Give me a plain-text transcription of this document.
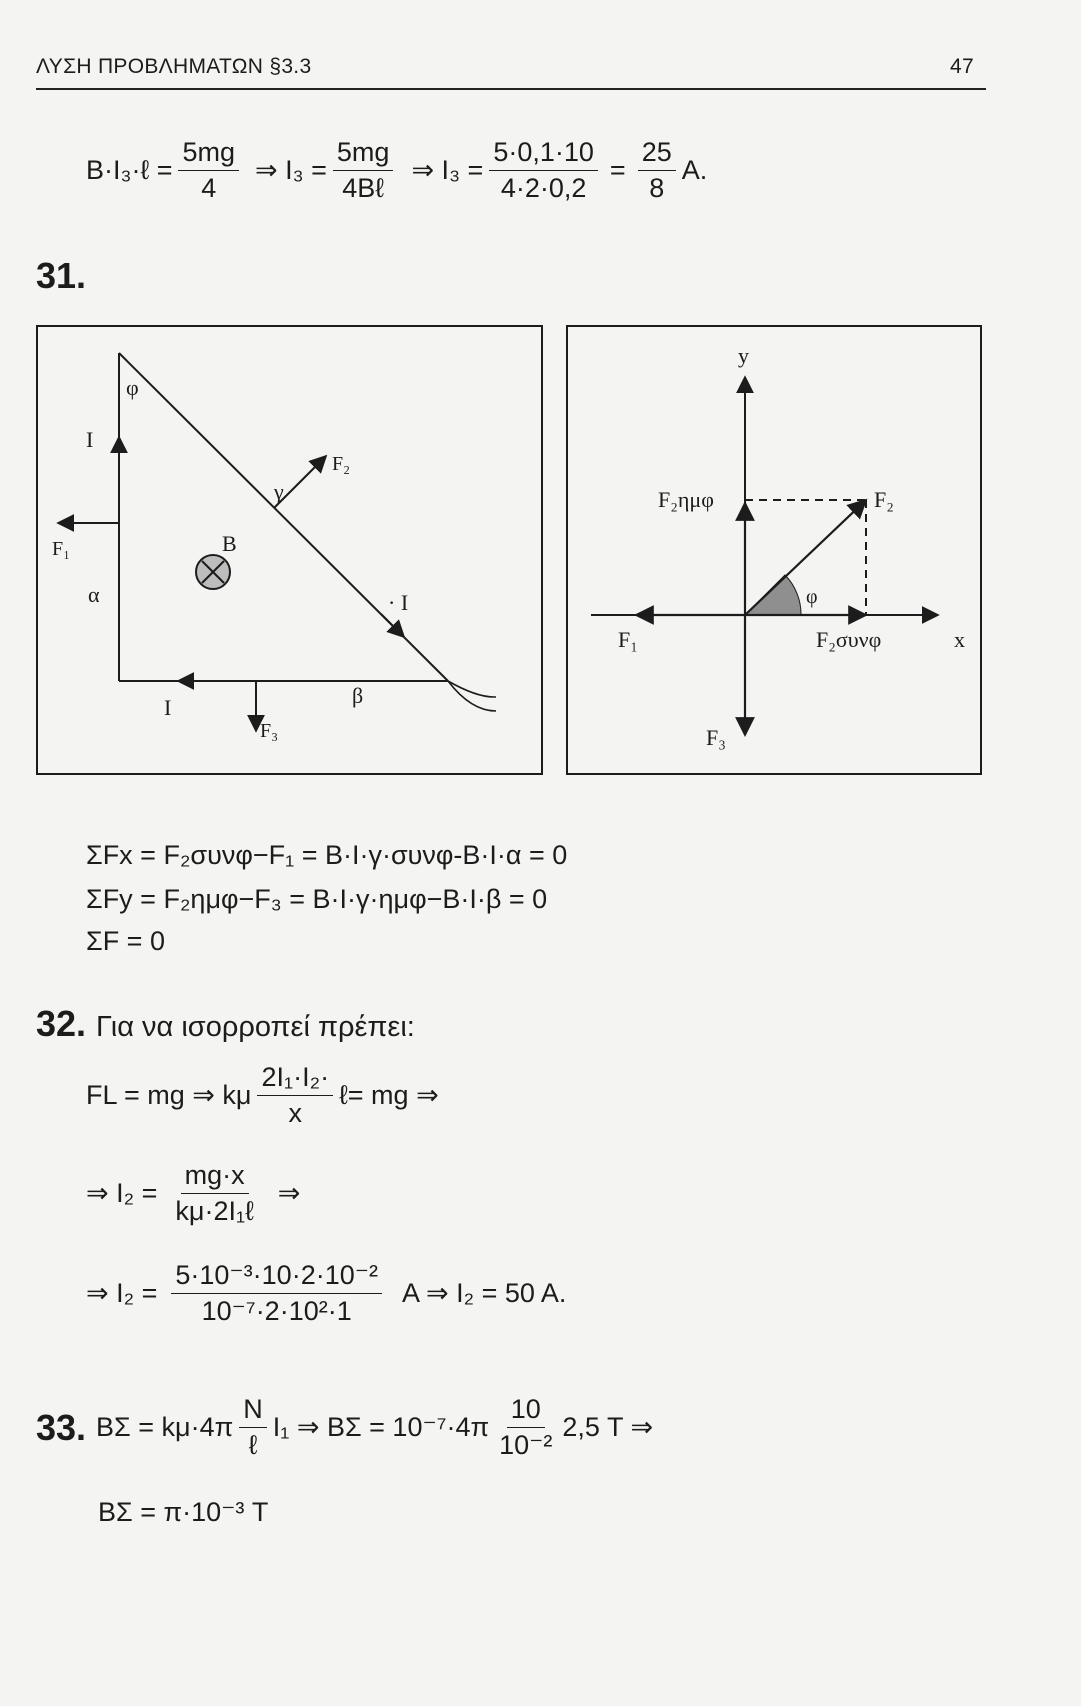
ΛΥΣΗ ΠΡΟΒΛΗΜΑΤΩΝ §3.3	47
B·I₃·ℓ = $\frac{5mg}{4}$ ⇒ $I_3 = \frac{5mg}{\text{4Bℓ}}$ ⇒ $I_3 = \frac{5\cdot 0,1\cdot 10}{4\cdot 2\cdot 0,2} = \frac{25}{8} A$.
31.
φ
I
F₁
α
B
γ
F₂
· I
I
F₃
β
y
x
F₂ημφ	F₂
φ
F₁	F₂συνφ
F₃
ΣFx = F₂συνφ−F₁ = B·I·γ·συνφ-B·I·α = 0
ΣFy = F₂ημφ−F₃ = B·I·γ·ημφ−B·I·β = 0
ΣF = 0
32. Για να ισορροπεί πρέπει:
FL = mg ⇒ kμ $\frac{\text{2I₁·I₂·}}{x}$ ℓ= mg ⇒
⇒ $I_2 = \frac{mg\cdot x}{\text{kμ·2I₁ℓ}}$ ⇒
⇒ $I_2 = \frac{\text{5·10⁻³·10·2·10⁻²}}{\text{10⁻⁷·2·10²·1}}$ A ⇒ I₂ = 50 A.
33. $B\Sigma = k\mu\cdot 4\pi \frac{N}{\text{ℓ}} I_1$ ⇒ $B\Sigma = 10^{-7}\cdot 4\pi \frac{10}{\text{10⁻²}} 2,5$ T ⇒
BΣ = π·10⁻³ T
